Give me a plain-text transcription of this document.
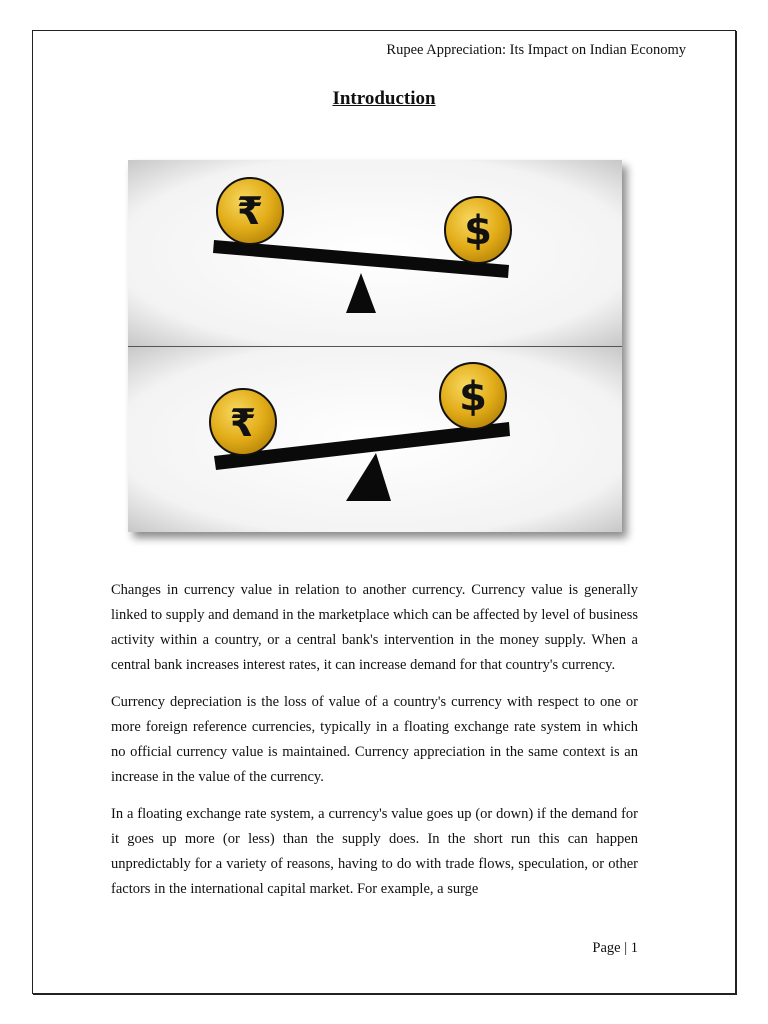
Rupee Appreciation: Its Impact on Indian Economy
Introduction
₹	$
₹
$

Changes in currency value in relation to another currency. Currency value is generally linked to supply and demand in the marketplace which can be affected by level of business activity within a country, or a central bank's intervention in the money supply. When a central bank increases interest rates, it can increase demand for that country's currency.

Currency depreciation is the loss of value of a country's currency with respect to one or more foreign reference currencies, typically in a floating exchange rate system in which no official currency value is maintained. Currency appreciation in the same context is an increase in the value of the currency.

In a floating exchange rate system, a currency's value goes up (or down) if the demand for it goes up more (or less) than the supply does. In the short run this can happen unpredictably for a variety of reasons, having to do with trade flows, speculation, or other factors in the international capital market. For example, a surge

Page | 1
